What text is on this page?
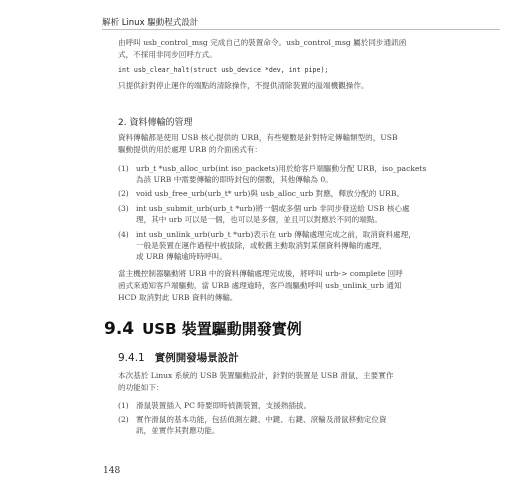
解析 Linux 驅動程式設計
由呼叫 usb_control_msg 完成自己的裝置命令。usb_control_msg 屬於同步通訊函
式，不採用非同步回呼方式。
int usb_clear_halt(struct usb_device *dev, int pipe);
只提供針對停止運作的端點的清除操作，不提供清除裝置的溢端機觀操作。
2. 資料傳輸的管理
資料傳輸都是使用 USB 核心提供的 URB，有些變數是針對特定傳輸類型的，USB
驅動提供的用於處理 URB 的介面函式有：
(1) urb_t *usb_alloc_urb(int iso_packets)用於給客戶端驅動分配 URB，iso_packets
為該 URB 中需要傳輸的即時封包的個數，其他傳輸為 0。
(2) void usb_free_urb(urb_t* urb)與 usb_alloc_urb 對應，釋放分配的 URB。
(3) int usb_submit_urb(urb_t *urb)將一個或多個 urb 非同步發送給 USB 核心處
理，其中 urb 可以是一個，也可以是多個，並且可以對應於不同的端點。
(4) int usb_unlink_urb(urb_t *urb)表示在 urb 傳輸處理完成之前，取消資料處理，
一般是裝置在運作過程中被拔除，或較舊主動取消對某個資料傳輸的處理，
或 URB 傳輸逾時時呼叫。
當主機控制器驅動將 URB 中的資料傳輸處理完成後，將呼叫 urb-> complete 回呼
函式來通知客戶端驅動，當 URB 處理逾時，客戶端驅動呼叫 usb_unlink_urb 通知
HCD 取消對此 URB 資料的傳輸。
9.4 USB 裝置驅動開發實例
9.4.1 實例開發場景設計
本次基於 Linux 系統的 USB 裝置驅動設計，針對的裝置是 USB 滑鼠，主要實作
的功能如下：
(1) 滑鼠裝置插入 PC 時要即時偵測裝置，支援熱插拔。
(2) 實作滑鼠的基本功能，包括偵測左鍵、中鍵、右鍵、滾輪及滑鼠移動定位資
訊，並實作其對應功能。
148
